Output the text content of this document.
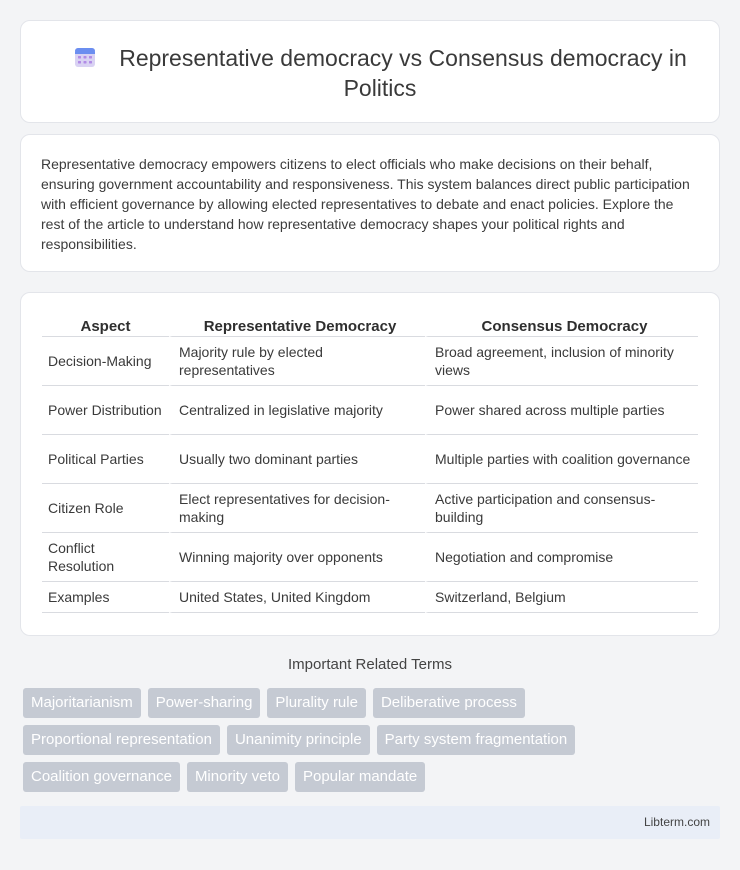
Representative democracy vs Consensus democracy in Politics

Representative democracy empowers citizens to elect officials who make decisions on their behalf, ensuring government accountability and responsiveness. This system balances direct public participation with efficient governance by allowing elected representatives to debate and enact policies. Explore the rest of the article to understand how representative democracy shapes your political rights and responsibilities.

Aspect	Representative Democracy	Consensus Democracy
Decision-Making	Majority rule by elected representatives	Broad agreement, inclusion of minority views
Power Distribution	Centralized in legislative majority	Power shared across multiple parties
Political Parties	Usually two dominant parties	Multiple parties with coalition governance
Citizen Role	Elect representatives for decision-making	Active participation and consensus-building
Conflict Resolution	Winning majority over opponents	Negotiation and compromise
Examples	United States, United Kingdom	Switzerland, Belgium
Important Related Terms
Majoritarianism	Power-sharing	Plurality rule	Deliberative process
Proportional representation	Unanimity principle	Party system fragmentation
Coalition governance	Minority veto	Popular mandate
Libterm.com
